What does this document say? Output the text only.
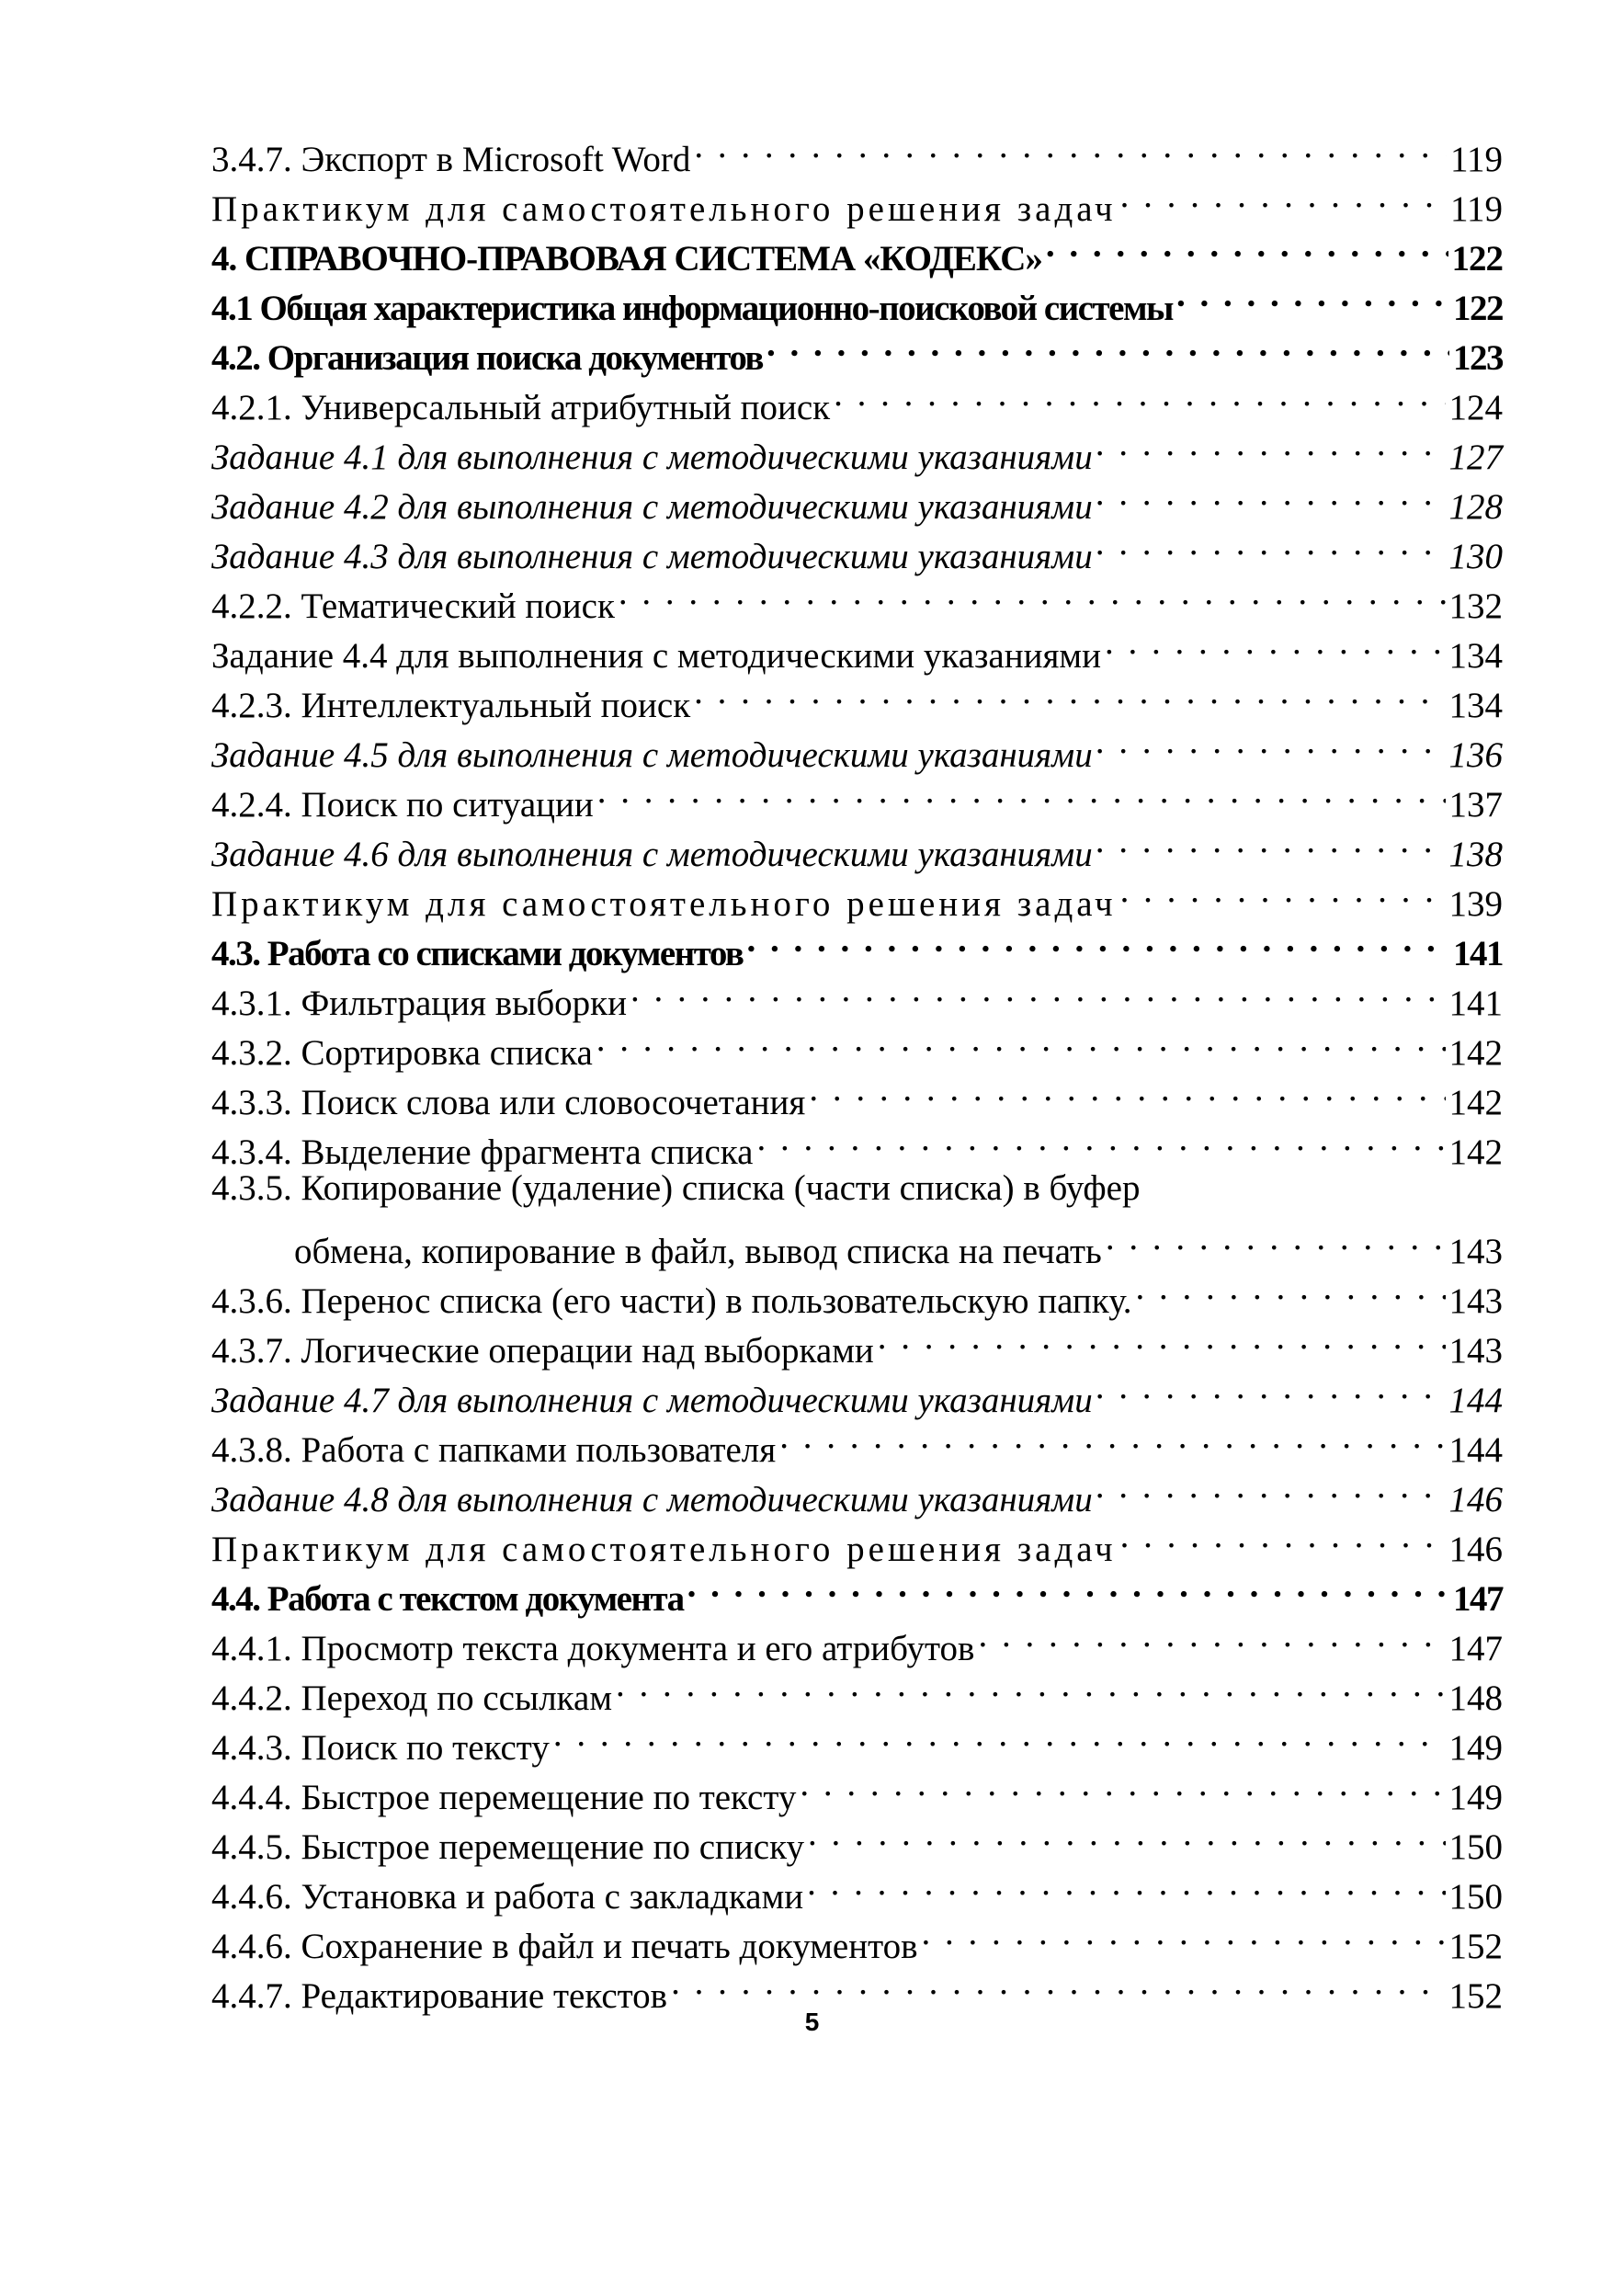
3.4.7. Экспорт в Microsoft Word . . .	119
Практикум для самостоятельного решения задач . . .	119
4. СПРАВОЧНО-ПРАВОВАЯ СИСТЕМА «КОДЕКС» . . .	122
4.1 Общая характеристика информационно-поисковой системы . . .	122
4.2. Организация поиска документов . . .	123
4.2.1. Универсальный атрибутный поиск . . .	124
Задание 4.1 для выполнения с методическими указаниями . . .	127
Задание 4.2 для выполнения с методическими указаниями . . .	128
Задание 4.3 для выполнения с методическими указаниями . . .	130
4.2.2. Тематический поиск . . .	132
Задание 4.4 для выполнения с методическими указаниями . . .	134
4.2.3. Интеллектуальный поиск . . .	134
Задание 4.5 для выполнения с методическими указаниями . . .	136
4.2.4. Поиск по ситуации . . .	137
Задание 4.6 для выполнения с методическими указаниями . . .	138
Практикум для самостоятельного решения задач . . .	139
4.3. Работа со списками документов . . .	141
4.3.1. Фильтрация выборки . . .	141
4.3.2. Сортировка списка . . .	142
4.3.3. Поиск слова или словосочетания . . .	142
4.3.4. Выделение фрагмента списка . . .	142
4.3.5. Копирование (удаление) списка (части списка) в буфер
обмена, копирование в файл, вывод списка на печать . . .	143
4.3.6. Перенос списка (его части) в пользовательскую папку. . . .	143
4.3.7. Логические операции над выборками . . .	143
Задание 4.7 для выполнения с методическими указаниями . . .	144
4.3.8. Работа с папками пользователя . . .	144
Задание 4.8 для выполнения с методическими указаниями . . .	146
Практикум для самостоятельного решения задач . . .	146
4.4. Работа с текстом документа . . .	147
4.4.1. Просмотр текста документа и его атрибутов . . .	147
4.4.2. Переход по ссылкам . . .	148
4.4.3. Поиск по тексту . . .	149
4.4.4. Быстрое перемещение по тексту . . .	149
4.4.5. Быстрое перемещение по списку . . .	150
4.4.6. Установка и работа с закладками . . .	150
4.4.6. Сохранение в файл и печать документов . . .	152
4.4.7. Редактирование текстов . . .	152
5
